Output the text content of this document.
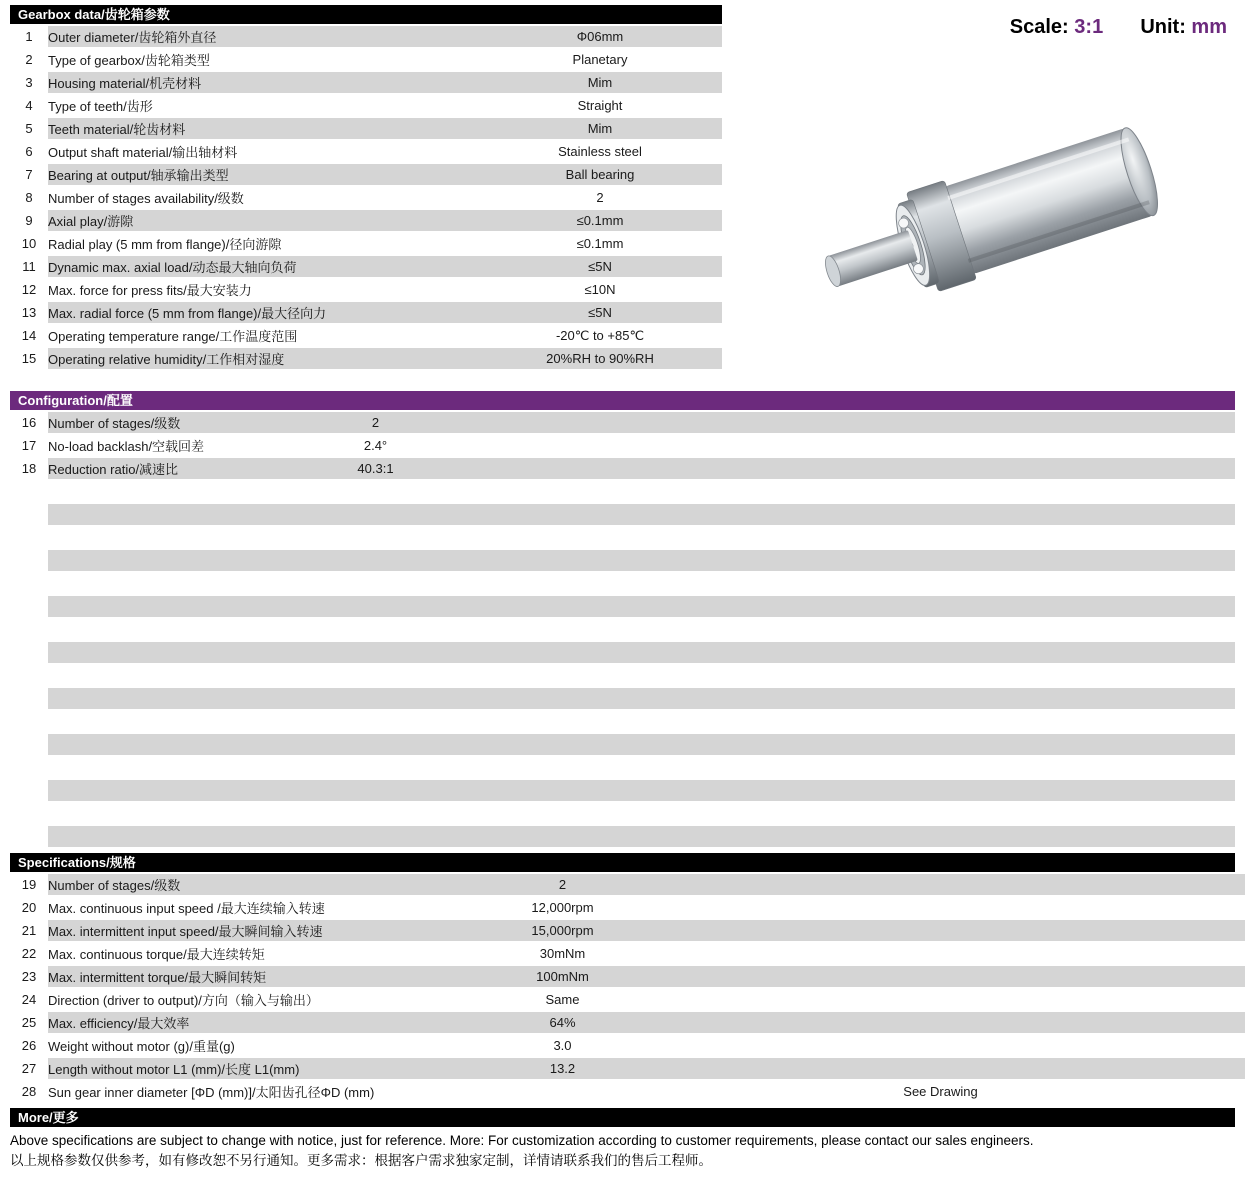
Gearbox data/齿轮箱参数
1	Outer diameter/齿轮箱外直径	Φ06mm
2	Type of gearbox/齿轮箱类型	Planetary
3	Housing material/机壳材料	Mim
4	Type of teeth/齿形	Straight
5	Teeth material/轮齿材料	Mim
6	Output shaft material/输出轴材料	Stainless steel
7	Bearing at output/轴承输出类型	Ball bearing
8	Number of stages availability/级数	2
9	Axial play/游隙	≤0.1mm
10	Radial play (5 mm from flange)/径向游隙	≤0.1mm
11	Dynamic max. axial load/动态最大轴向负荷	≤5N
12	Max. force for press fits/最大安装力	≤10N
13	Max. radial force (5 mm from flange)/最大径向力	≤5N
14	Operating temperature range/工作温度范围	-20℃ to +85℃
15	Operating relative humidity/工作相对湿度	20%RH to 90%RH
Scale: 3:1 Unit: mm
Configuration/配置
16	Number of stages/级数	2				
17	No-load backlash/空载回差	2.4°				
18	Reduction ratio/减速比	40.3:1				

Specifications/规格
19	Number of stages/级数	2				
20	Max. continuous input speed /最大连续输入转速	12,000rpm				
21	Max. intermittent input speed/最大瞬间输入转速	15,000rpm				
22	Max. continuous torque/最大连续转矩	30mNm				
23	Max. intermittent torque/最大瞬间转矩	100mNm				
24	Direction (driver to output)/方向（输入与输出）	Same				
25	Max. efficiency/最大效率	64%				
26	Weight without motor (g)/重量(g)	3.0				
27	Length without motor L1 (mm)/长度 L1(mm)	13.2				
28	Sun gear inner diameter [ΦD (mm)]/太阳齿孔径ΦD (mm)	See Drawing				
More/更多
Above specifications are subject to change with notice, just for reference. More: For customization according to customer requirements, please contact our sales engineers.
以上规格参数仅供参考，如有修改恕不另行通知。更多需求：根据客户需求独家定制，详情请联系我们的售后工程师。
